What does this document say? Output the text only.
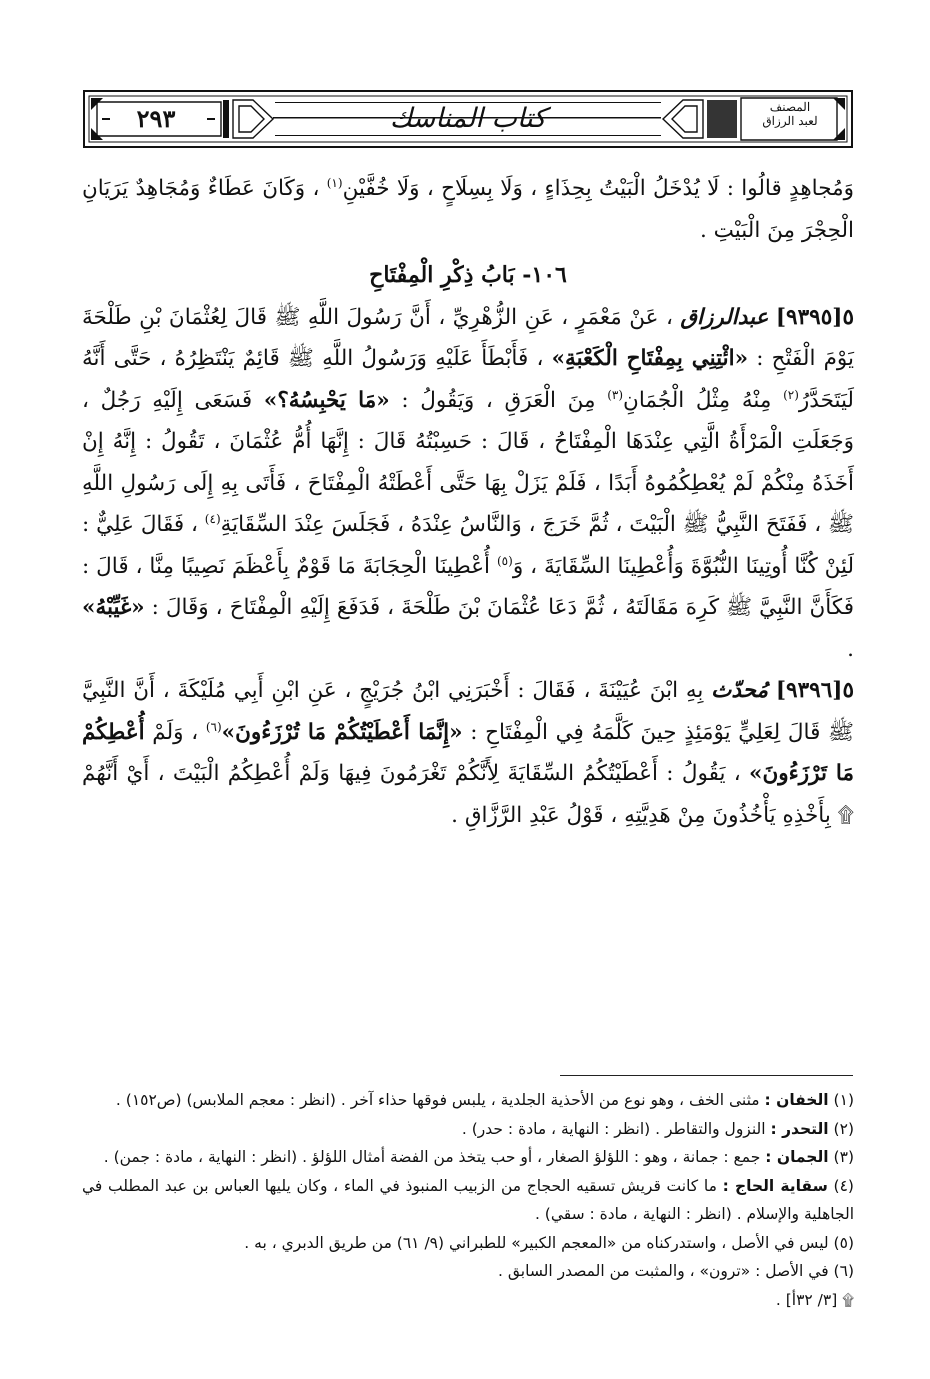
المصنف
لعبد الرزاق
كتاب المناسك
٢٩٣

وَمُجاهِدٍ قالُوا : لَا يُدْخَلُ الْبَيْتُ بِحِذَاءٍ ، وَلَا بِسِلَاحٍ ، وَلَا خُفَّيْنِ$^{(١)}$ ، وَكَانَ عَطَاءٌ وَمُجَاهِدٌ يَرَيَانِ الْحِجْرَ مِنَ الْبَيْتِ .

١٠٦- بَابُ ذِكْرِ الْمِفْتَاحِ

٥[٩٣٩٥] عبدالرزاق ، عَنْ مَعْمَرٍ ، عَنِ الزُّهْرِيِّ ، أَنَّ رَسُولَ اللَّهِ ﷺ قَالَ لِعُثْمَانَ بْنِ طَلْحَةَ يَوْمَ الْفَتْحِ : «ائْتِنِي بِمِفْتَاحِ الْكَعْبَةِ» ، فَأَبْطَأَ عَلَيْهِ وَرَسُولُ اللَّهِ ﷺ قَائِمٌ يَنْتَظِرُهُ ، حَتَّى أَنَّهُ لَيَتَحَدَّرُ$^{(٢)}$ مِنْهُ مِثْلُ الْجُمَانِ$^{(٣)}$ مِنَ الْعَرَقِ ، وَيَقُولُ : «مَا يَحْبِسُهُ؟» فَسَعَى إِلَيْهِ رَجُلٌ ، وَجَعَلَتِ الْمَرْأَةُ الَّتِي عِنْدَهَا الْمِفْتَاحُ ، قَالَ : حَسِبْتُهُ قَالَ : إِنَّهَا أُمُّ عُثْمَانَ ، تَقُولُ : إِنَّهُ إِنْ أَخَذَهُ مِنْكُمْ لَمْ يُعْطِكُمُوهُ أَبَدًا ، فَلَمْ يَزَلْ بِهَا حَتَّى أَعْطَتْهُ الْمِفْتَاحَ ، فَأَتَى بِهِ إِلَى رَسُولِ اللَّهِ ﷺ ، فَفَتَحَ النَّبِيُّ ﷺ الْبَيْتَ ، ثُمَّ خَرَجَ ، وَالنَّاسُ عِنْدَهُ ، فَجَلَسَ عِنْدَ السِّقَايَةِ$^{(٤)}$ ، فَقَالَ عَلِيٌّ : لَئِنْ كُنَّا أُوتِينَا النُّبُوَّةَ وَأُعْطِينَا السِّقَايَةَ ، وَ$^{(٥)}$ أُعْطِينَا الْحِجَابَةَ مَا قَوْمٌ بِأَعْظَمَ نَصِيبًا مِنَّا ، قَالَ : فَكَأَنَّ النَّبِيَّ ﷺ كَرِهَ مَقَالَتَهُ ، ثُمَّ دَعَا عُثْمَانَ بْنَ طَلْحَةَ ، فَدَفَعَ إِلَيْهِ الْمِفْتَاحَ ، وَقَالَ : «غَيِّبْهُ» .

٥[٩٣٩٦] مُحدّث بِهِ ابْنَ عُيَيْنَةَ ، فَقَالَ : أَخْبَرَنِي ابْنُ جُرَيْجٍ ، عَنِ ابْنِ أَبِي مُلَيْكَةَ ، أَنَّ النَّبِيَّ ﷺ قَالَ لِعَلِيٍّ يَوْمَئِذٍ حِينَ كَلَّمَهُ فِي الْمِفْتَاحِ : «إِنَّمَا أَعْطَيْتُكُمْ مَا تُرْزَءُونَ»$^{(٦)}$ ، وَلَمْ أُعْطِكُمْ مَا تَرْزَءُونَ» ، يَقُولُ : أَعْطَيْتُكُمُ السِّقَايَةَ لِأَنَّكُمْ تَغْرَمُونَ فِيهَا وَلَمْ أُعْطِكُمُ الْبَيْتَ ، أَيْ أَنَّهُمْ ۩ بِأَخْذِهِ يَأْخُذُونَ مِنْ هَدِيَّتِهِ ، قَوْلُ عَبْدِ الرَّزَّاقِ .

(١) الخفان : مثنى الخف ، وهو نوع من الأحذية الجلدية ، يلبس فوقها حذاء آخر . (انظر : معجم الملابس) (ص١٥٢) .

(٢) التحدر : النزول والتقاطر . (انظر : النهاية ، مادة : حدر) .

(٣) الجمان : جمع : جمانة ، وهو : اللؤلؤ الصغار ، أو حب يتخذ من الفضة أمثال اللؤلؤ . (انظر : النهاية ، مادة : جمن) .

(٤) سقاية الحاج : ما كانت قريش تسقيه الحجاج من الزبيب المنبوذ في الماء ، وكان يليها العباس بن عبد المطلب في الجاهلية والإسلام . (انظر : النهاية ، مادة : سقي) .

(٥) ليس في الأصل ، واستدركناه من «المعجم الكبير» للطبراني (٩/ ٦١) من طريق الدبري ، به .

(٦) في الأصل : «ترون» ، والمثبت من المصدر السابق .

۩ [٣/ ٣٢أ] .
